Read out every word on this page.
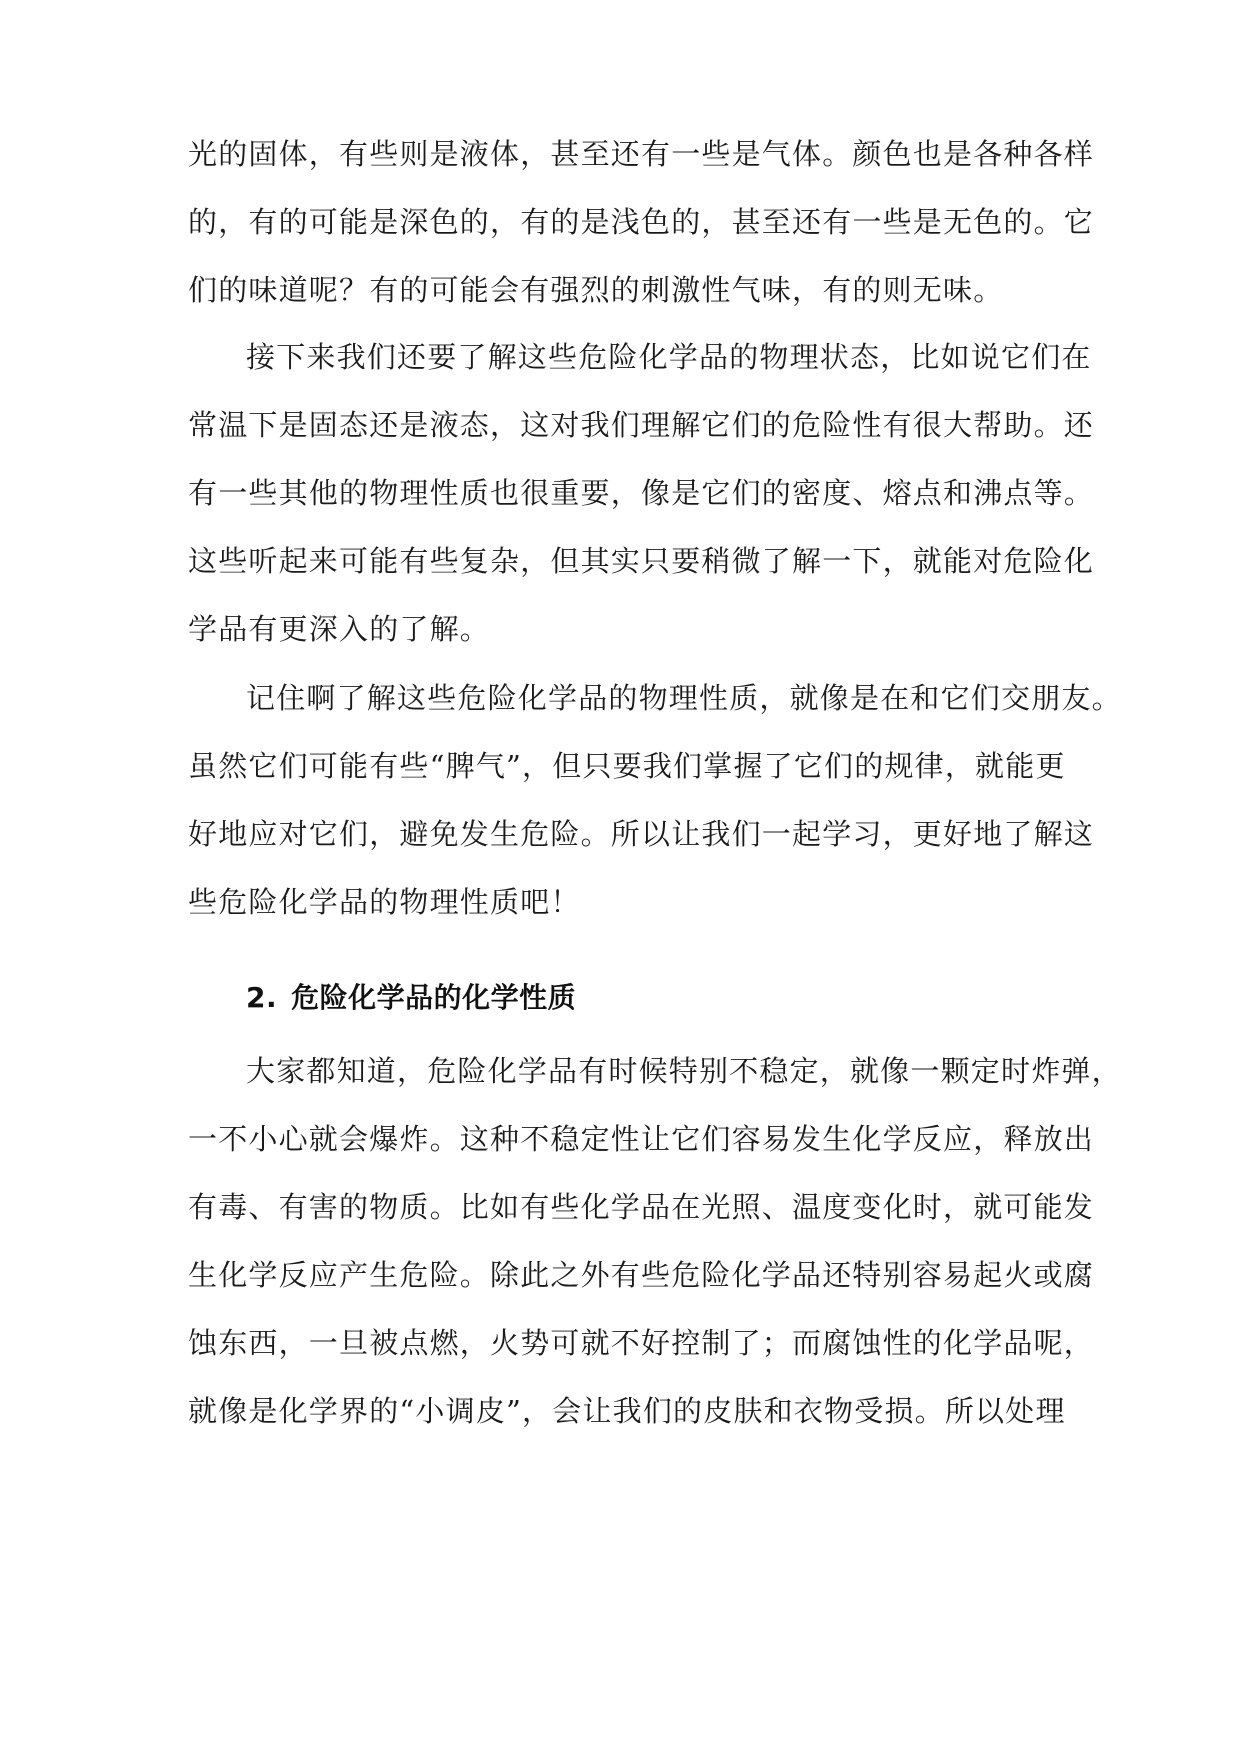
光的固体，有些则是液体，甚至还有一些是气体。颜色也是各种各样
的，有的可能是深色的，有的是浅色的，甚至还有一些是无色的。它
们的味道呢？有的可能会有强烈的刺激性气味，有的则无味。
接下来我们还要了解这些危险化学品的物理状态，比如说它们在
常温下是固态还是液态，这对我们理解它们的危险性有很大帮助。还
有一些其他的物理性质也很重要，像是它们的密度、熔点和沸点等。
这些听起来可能有些复杂，但其实只要稍微了解一下，就能对危险化
学品有更深入的了解。
记住啊了解这些危险化学品的物理性质，就像是在和它们交朋友。
虽然它们可能有些“脾气”，但只要我们掌握了它们的规律，就能更
好地应对它们，避免发生危险。所以让我们一起学习，更好地了解这
些危险化学品的物理性质吧！
2. 危险化学品的化学性质
大家都知道，危险化学品有时候特别不稳定，就像一颗定时炸弹，
一不小心就会爆炸。这种不稳定性让它们容易发生化学反应，释放出
有毒、有害的物质。比如有些化学品在光照、温度变化时，就可能发
生化学反应产生危险。除此之外有些危险化学品还特别容易起火或腐
蚀东西，一旦被点燃，火势可就不好控制了；而腐蚀性的化学品呢，
就像是化学界的“小调皮”，会让我们的皮肤和衣物受损。所以处理
